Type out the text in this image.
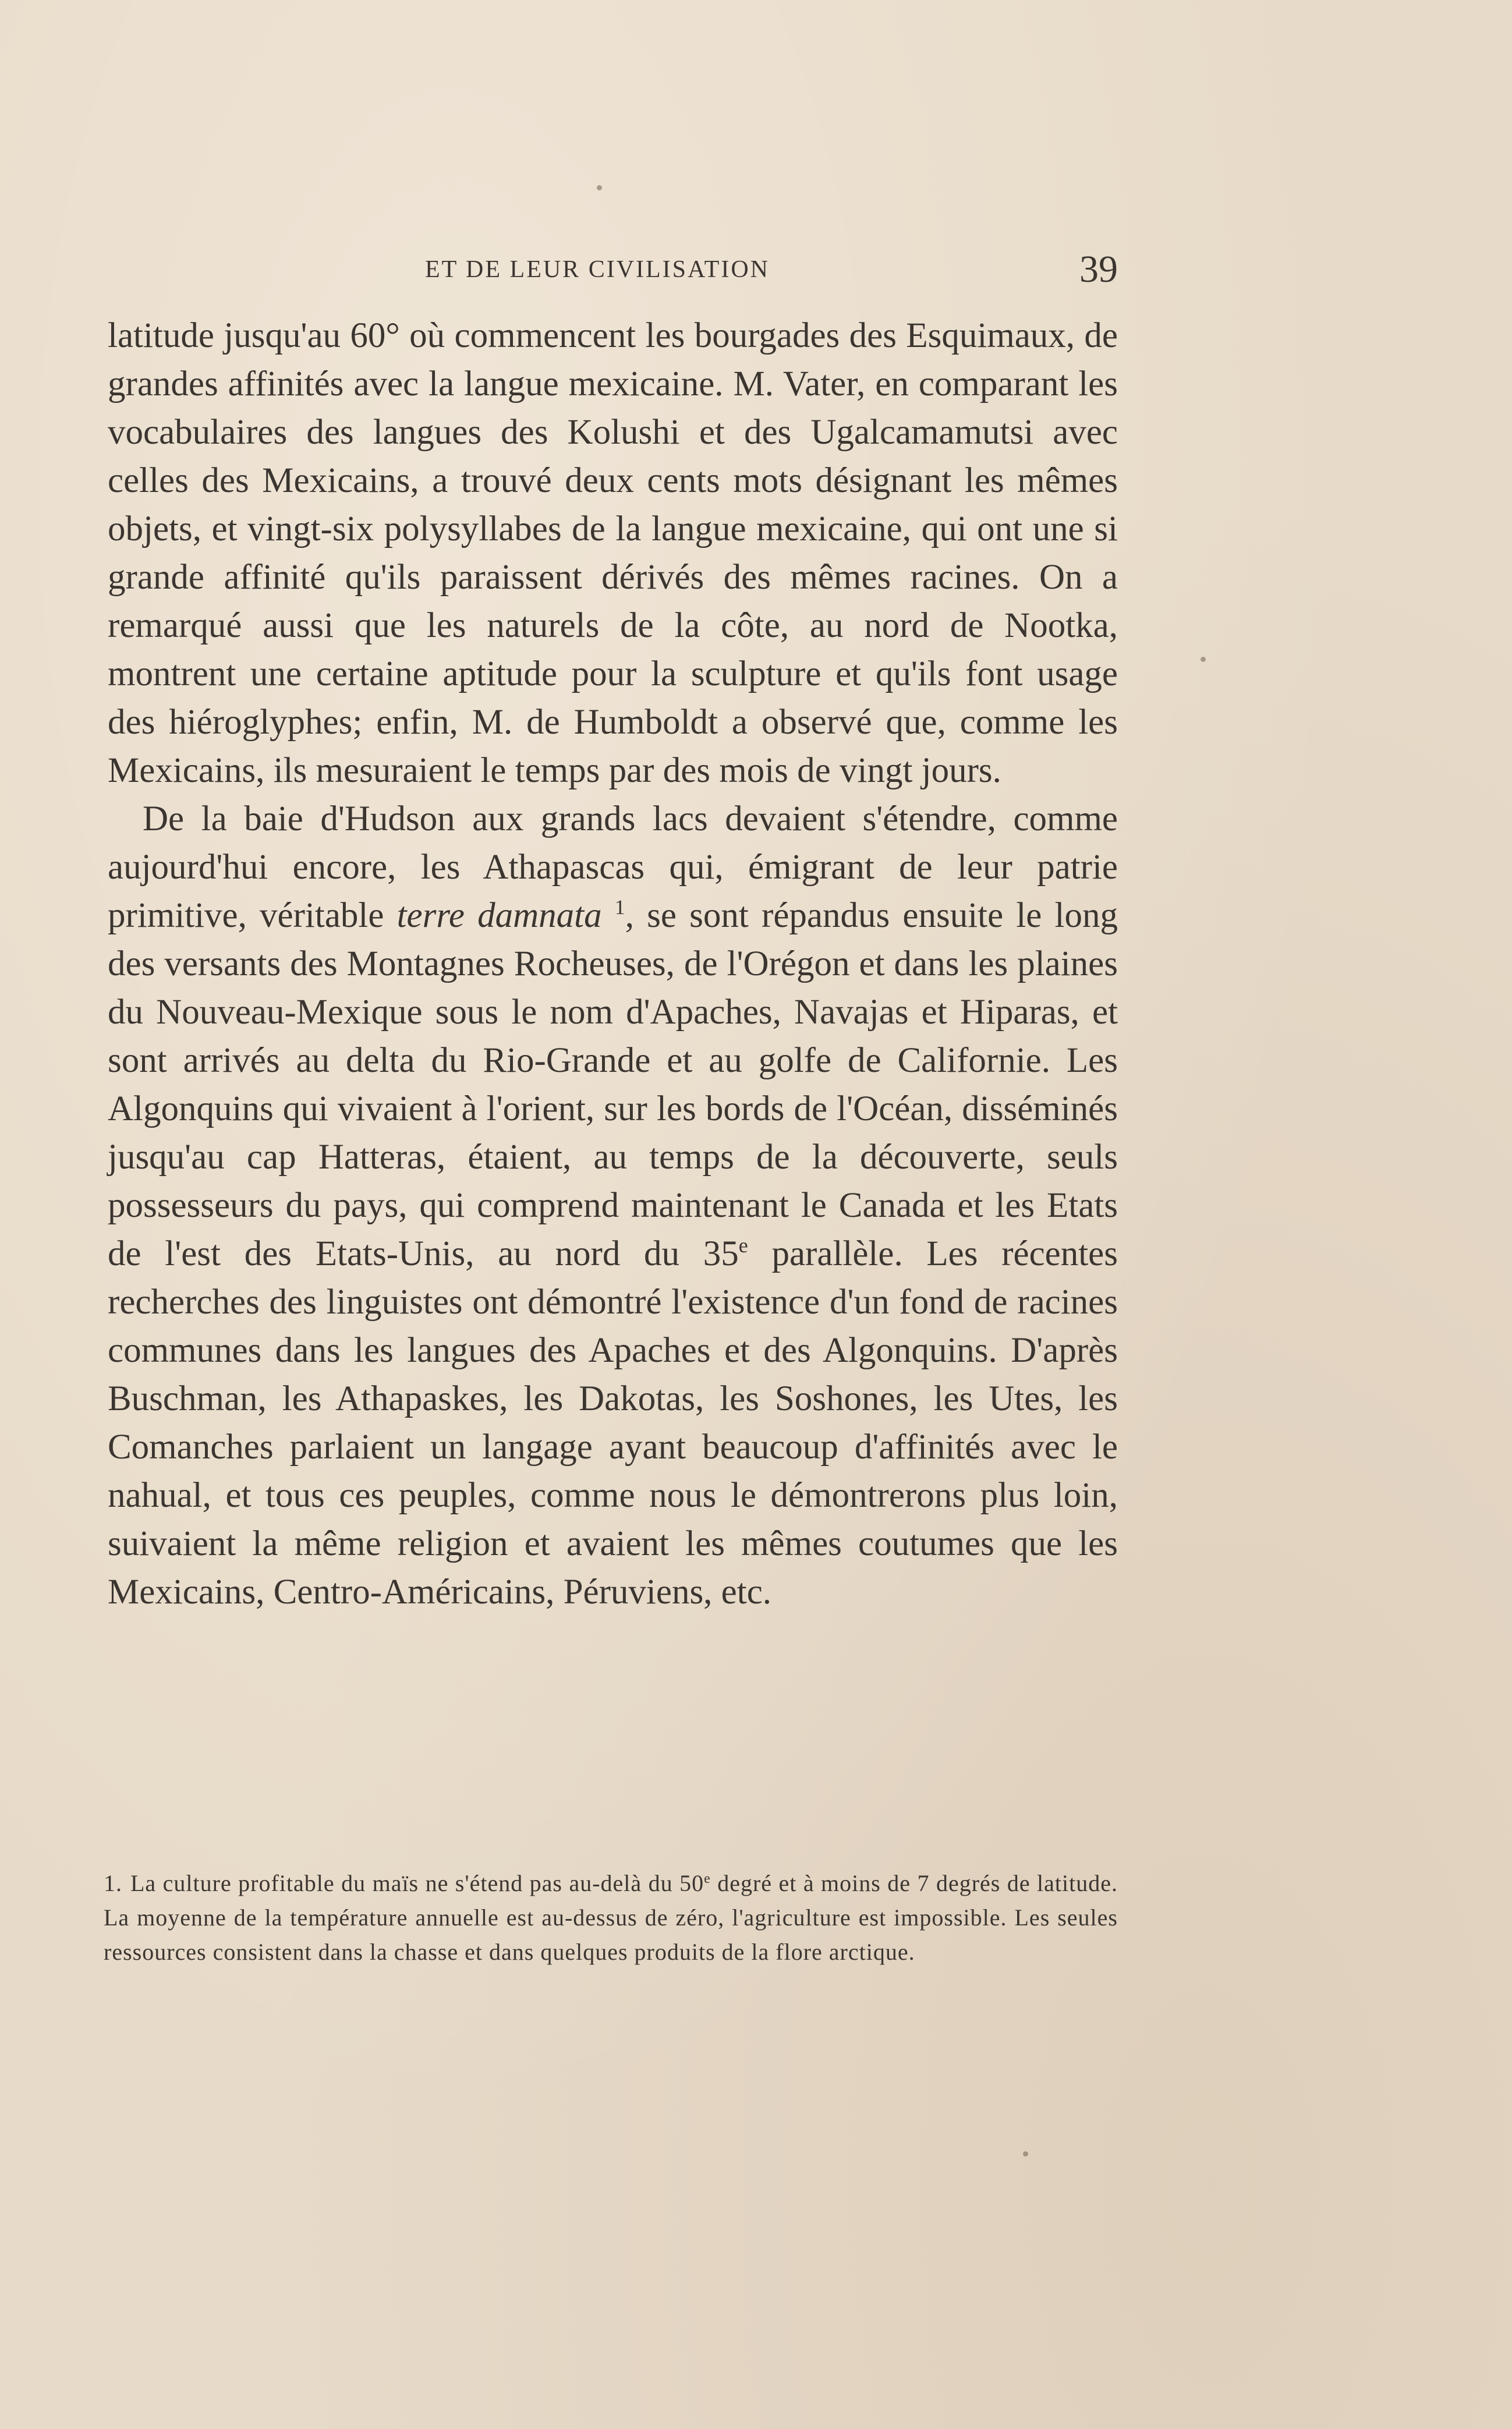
ET DE LEUR CIVILISATION	39

latitude jusqu'au 60° où commencent les bourgades des Esquimaux, de grandes affinités avec la langue mexicaine. M. Vater, en comparant les vocabulaires des langues des Kolushi et des Ugalcamamutsi avec celles des Mexicains, a trouvé deux cents mots désignant les mêmes objets, et vingt-six polysyllabes de la langue mexicaine, qui ont une si grande affinité qu'ils paraissent dérivés des mêmes racines. On a remarqué aussi que les naturels de la côte, au nord de Nootka, montrent une certaine aptitude pour la sculpture et qu'ils font usage des hiéroglyphes; enfin, M. de Humboldt a observé que, comme les Mexicains, ils mesuraient le temps par des mois de vingt jours.

De la baie d'Hudson aux grands lacs devaient s'étendre, comme aujourd'hui encore, les Athapascas qui, émigrant de leur patrie primitive, véritable terre damnata $^1$, se sont répandus ensuite le long des versants des Montagnes Rocheuses, de l'Orégon et dans les plaines du Nouveau-Mexique sous le nom d'Apaches, Navajas et Hiparas, et sont arrivés au delta du Rio-Grande et au golfe de Californie. Les Algonquins qui vivaient à l'orient, sur les bords de l'Océan, disséminés jusqu'au cap Hatteras, étaient, au temps de la découverte, seuls possesseurs du pays, qui comprend maintenant le Canada et les Etats de l'est des Etats-Unis, au nord du 35e parallèle. Les récentes recherches des linguistes ont démontré l'existence d'un fond de racines communes dans les langues des Apaches et des Algonquins. D'après Buschman, les Athapaskes, les Dakotas, les Soshones, les Utes, les Comanches parlaient un langage ayant beaucoup d'affinités avec le nahual, et tous ces peuples, comme nous le démontrerons plus loin, suivaient la même religion et avaient les mêmes coutumes que les Mexicains, Centro-Américains, Péruviens, etc.

1. La culture profitable du maïs ne s'étend pas au-delà du 50e degré et à moins de 7 degrés de latitude. La moyenne de la température annuelle est au-dessus de zéro, l'agriculture est impossible. Les seules ressources consistent dans la chasse et dans quelques produits de la flore arctique.
